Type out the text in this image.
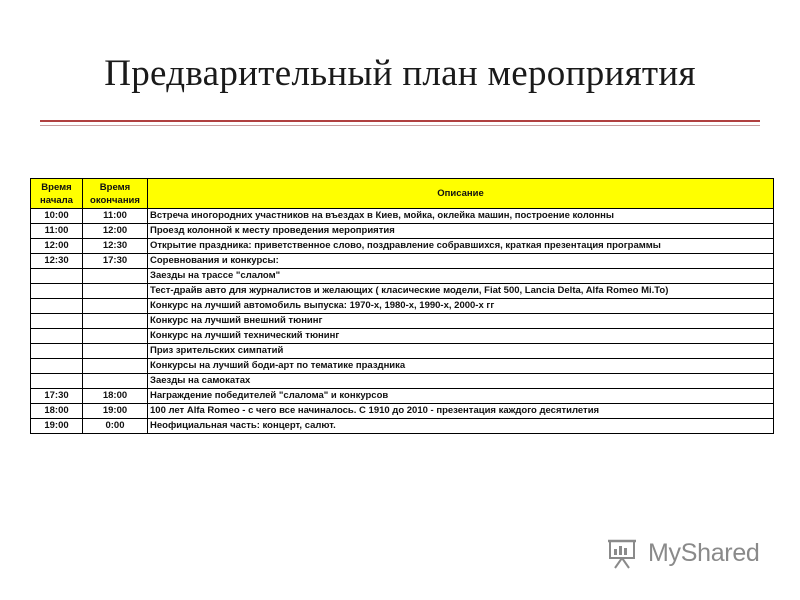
Предварительный план мероприятия
Время начала	Время окончания	Описание
10:00	11:00	Встреча иногородних участников на въездах в Киев, мойка, оклейка машин, построение колонны
11:00	12:00	Проезд колонной к месту проведения мероприятия
12:00	12:30	Открытие праздника: приветственное слово, поздравление собравшихся, краткая презентация программы
12:30	17:30	Соревнования и конкурсы:
		Заезды на трассе "слалом"
		Тест-драйв авто для журналистов и желающих ( класические модели, Fiat 500, Lancia Delta, Alfa Romeo Mi.To)
		Конкурс на лучший автомобиль выпуска: 1970-х, 1980-х, 1990-х, 2000-х гг
		Конкурс на лучший внешний тюнинг
		Конкурс на лучший технический тюнинг
		Приз зрительских симпатий
		Конкурсы на лучший боди-арт по тематике праздника
		Заезды на самокатах
17:30	18:00	Награждение победителей "слалома" и конкурсов
18:00	19:00	100 лет Alfa Romeo - с чего все начиналось. С 1910 до 2010 - презентация каждого десятилетия
19:00	0:00	Неофициальная часть: концерт, салют.
MyShared
